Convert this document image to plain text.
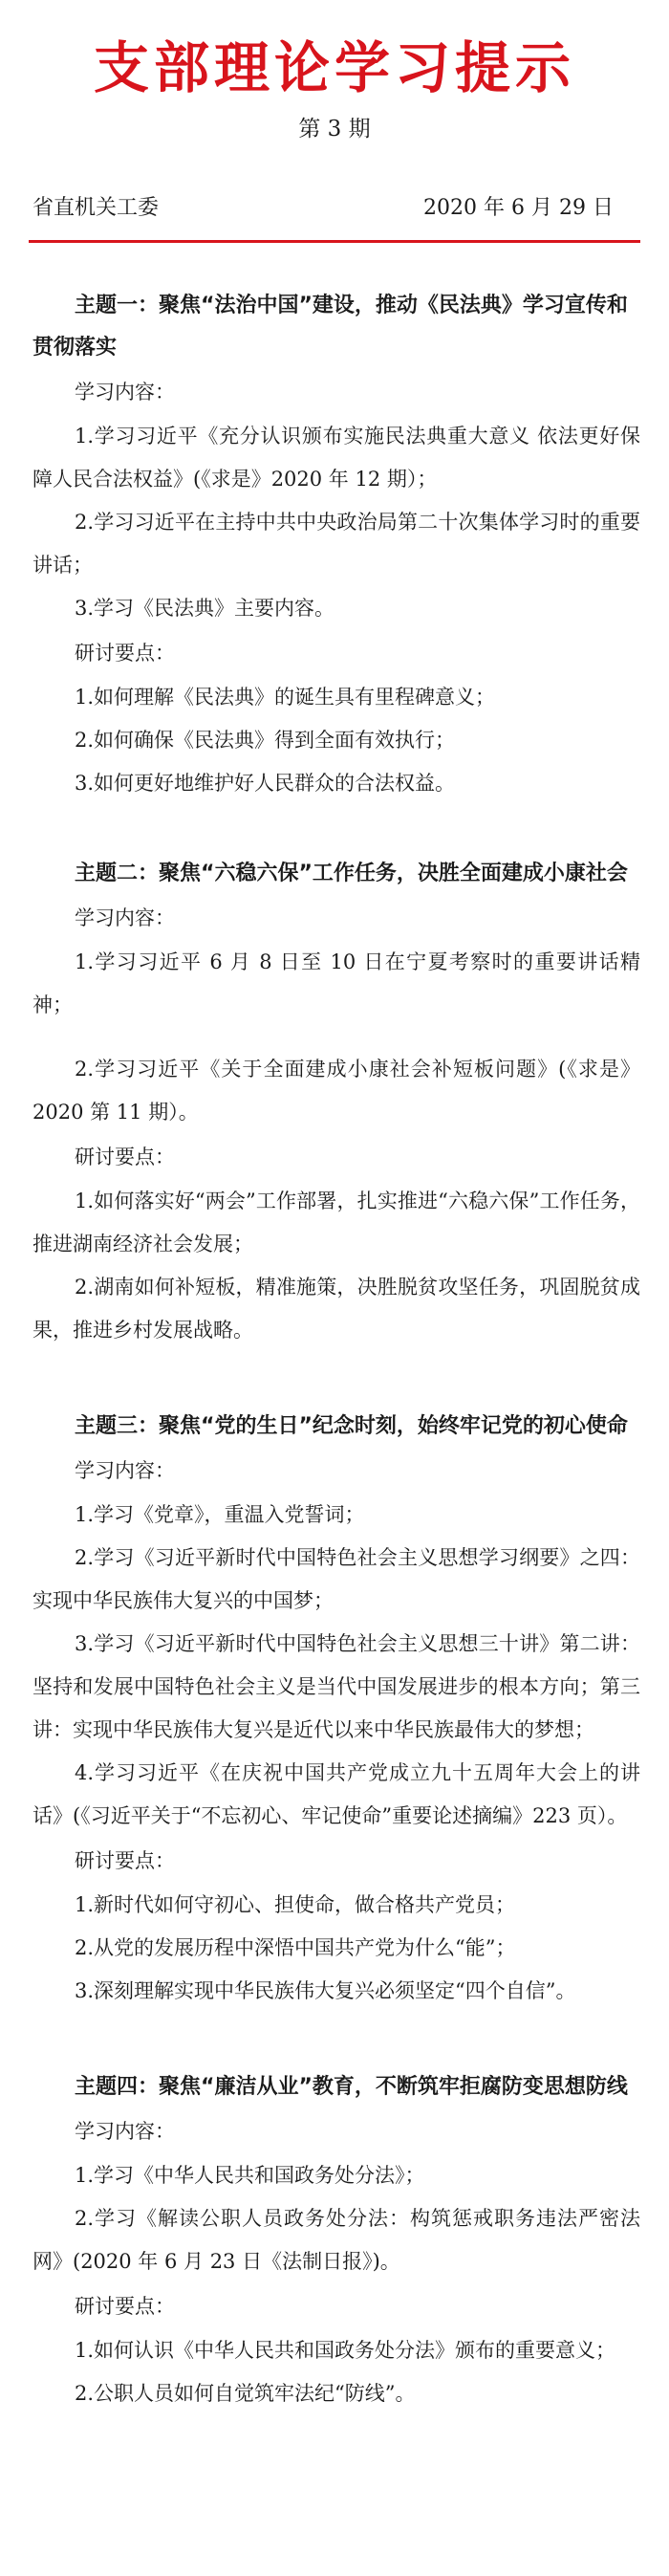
支部理论学习提示
第 3 期
省直机关工委	2020 年 6 月 29 日

主题一：聚焦“法治中国”建设，推动《民法典》学习宣传和贯彻落实

学习内容：

1.学习习近平《充分认识颁布实施民法典重大意义 依法更好保障人民合法权益》(《求是》2020 年 12 期）；

2.学习习近平在主持中共中央政治局第二十次集体学习时的重要讲话；

3.学习《民法典》主要内容。

研讨要点：

1.如何理解《民法典》的诞生具有里程碑意义；

2.如何确保《民法典》得到全面有效执行；

3.如何更好地维护好人民群众的合法权益。

主题二：聚焦“六稳六保”工作任务，决胜全面建成小康社会

学习内容：

1.学习习近平 6 月 8 日至 10 日在宁夏考察时的重要讲话精神；

2.学习习近平《关于全面建成小康社会补短板问题》(《求是》2020 第 11 期）。

研讨要点：

1.如何落实好“两会”工作部署，扎实推进“六稳六保”工作任务，推进湖南经济社会发展；

2.湖南如何补短板，精准施策，决胜脱贫攻坚任务，巩固脱贫成果，推进乡村发展战略。

主题三：聚焦“党的生日”纪念时刻，始终牢记党的初心使命

学习内容：

1.学习《党章》，重温入党誓词；

2.学习《习近平新时代中国特色社会主义思想学习纲要》之四：实现中华民族伟大复兴的中国梦；

3.学习《习近平新时代中国特色社会主义思想三十讲》第二讲：坚持和发展中国特色社会主义是当代中国发展进步的根本方向；第三讲：实现中华民族伟大复兴是近代以来中华民族最伟大的梦想；

4.学习习近平《在庆祝中国共产党成立九十五周年大会上的讲话》(《习近平关于“不忘初心、牢记使命”重要论述摘编》223 页）。

研讨要点：

1.新时代如何守初心、担使命，做合格共产党员；

2.从党的发展历程中深悟中国共产党为什么“能”；

3.深刻理解实现中华民族伟大复兴必须坚定“四个自信”。

主题四：聚焦“廉洁从业”教育，不断筑牢拒腐防变思想防线

学习内容：

1.学习《中华人民共和国政务处分法》；

2.学习《解读公职人员政务处分法：构筑惩戒职务违法严密法网》(2020 年 6 月 23 日《法制日报》)。

研讨要点：

1.如何认识《中华人民共和国政务处分法》颁布的重要意义；

2.公职人员如何自觉筑牢法纪“防线”。
